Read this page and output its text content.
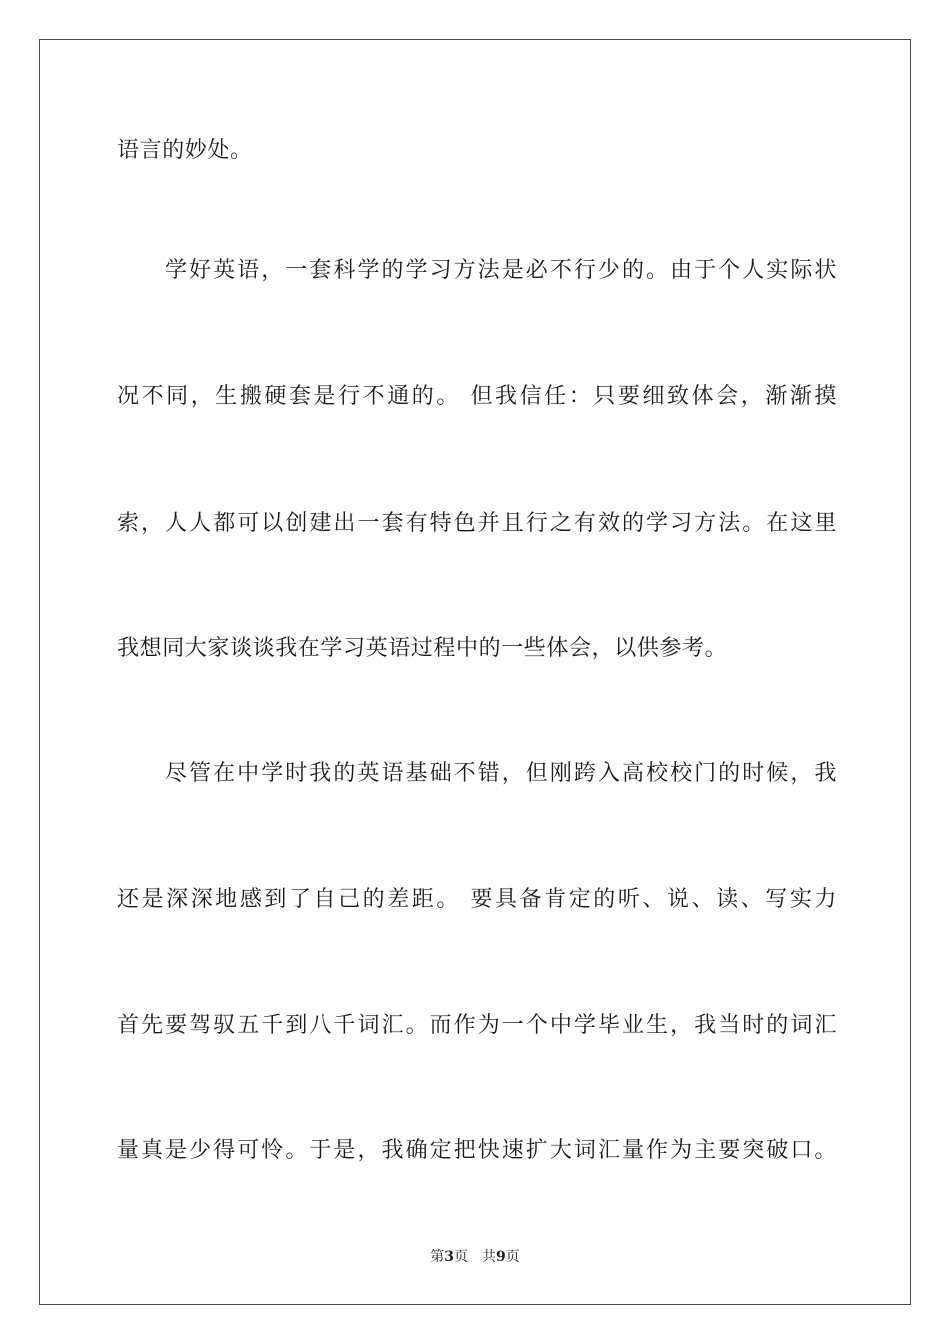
语言的妙处。
学好英语，一套科学的学习方法是必不行少的。由于个人实际状
况不同，生搬硬套是行不通的。 但我信任：只要细致体会，渐渐摸
索，人人都可以创建出一套有特色并且行之有效的学习方法。在这里
我想同大家谈谈我在学习英语过程中的一些体会，以供参考。
尽管在中学时我的英语基础不错，但刚跨入高校校门的时候，我
还是深深地感到了自己的差距。 要具备肯定的听、说、读、写实力
首先要驾驭五千到八千词汇。而作为一个中学毕业生，我当时的词汇
量真是少得可怜。于是，我确定把快速扩大词汇量作为主要突破口。
第3页 共9页
